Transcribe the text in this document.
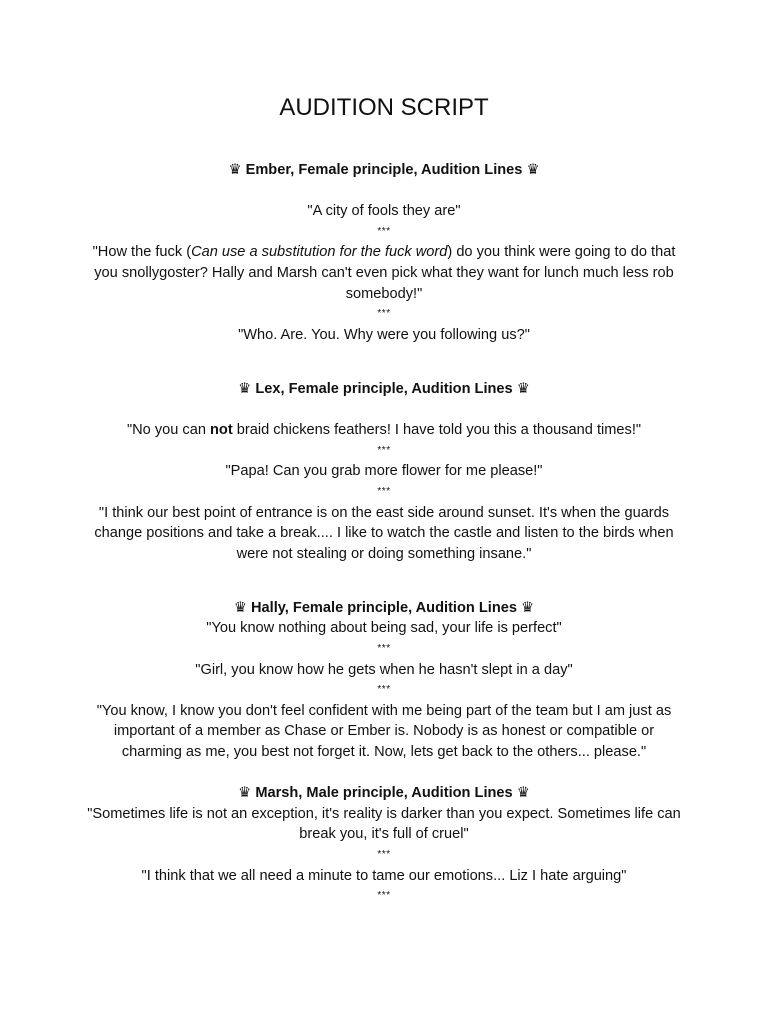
AUDITION SCRIPT
♛ Ember, Female principle, Audition Lines ♛
"A city of fools they are"
***
"How the fuck (Can use a substitution for the fuck word) do you think were going to do that you snollygoster? Hally and Marsh can't even pick what they want for lunch much less rob somebody!"
***
"Who. Are. You. Why were you following us?"
♛ Lex, Female principle, Audition Lines ♛
"No you can not braid chickens feathers! I have told you this a thousand times!"
***
"Papa! Can you grab more flower for me please!"
***
"I think our best point of entrance is on the east side around sunset. It's when the guards change positions and take a break.... I like to watch the castle and listen to the birds when were not stealing or doing something insane."
♛ Hally, Female principle, Audition Lines ♛
"You know nothing about being sad, your life is perfect"
***
"Girl, you know how he gets when he hasn't slept in a day"
***
"You know, I know you don't feel confident with me being part of the team but I am just as important of a member as Chase or Ember is. Nobody is as honest or compatible or charming as me, you best not forget it. Now, lets get back to the others... please."
♛ Marsh, Male principle, Audition Lines ♛
"Sometimes life is not an exception, it's reality is darker than you expect. Sometimes life can break you, it's full of cruel"
***
"I think that we all need a minute to tame our emotions... Liz I hate arguing"
***
